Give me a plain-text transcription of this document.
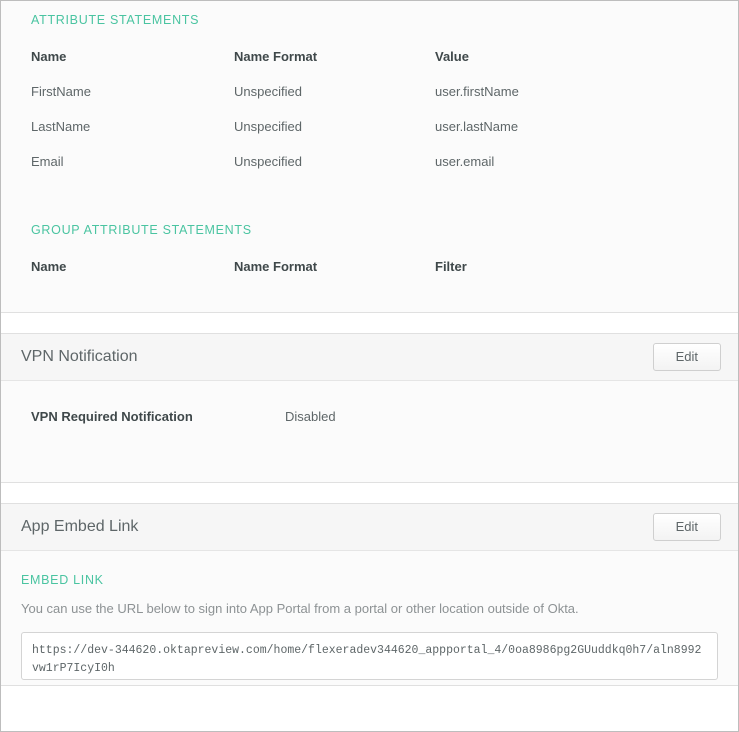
ATTRIBUTE STATEMENTS
Name	Name Format	Value
FirstName	Unspecified	user.firstName
LastName	Unspecified	user.lastName
Email	Unspecified	user.email
GROUP ATTRIBUTE STATEMENTS
Name	Name Format	Filter
VPN Notification	Edit
VPN Required Notification	Disabled
App Embed Link	Edit
EMBED LINK

You can use the URL below to sign into App Portal from a portal or other location outside of Okta.

https://dev-344620.oktapreview.com/home/flexeradev344620_appportal_4/0oa8986pg2GUuddkq0h7/aln8992vw1rP7IcyI0h
